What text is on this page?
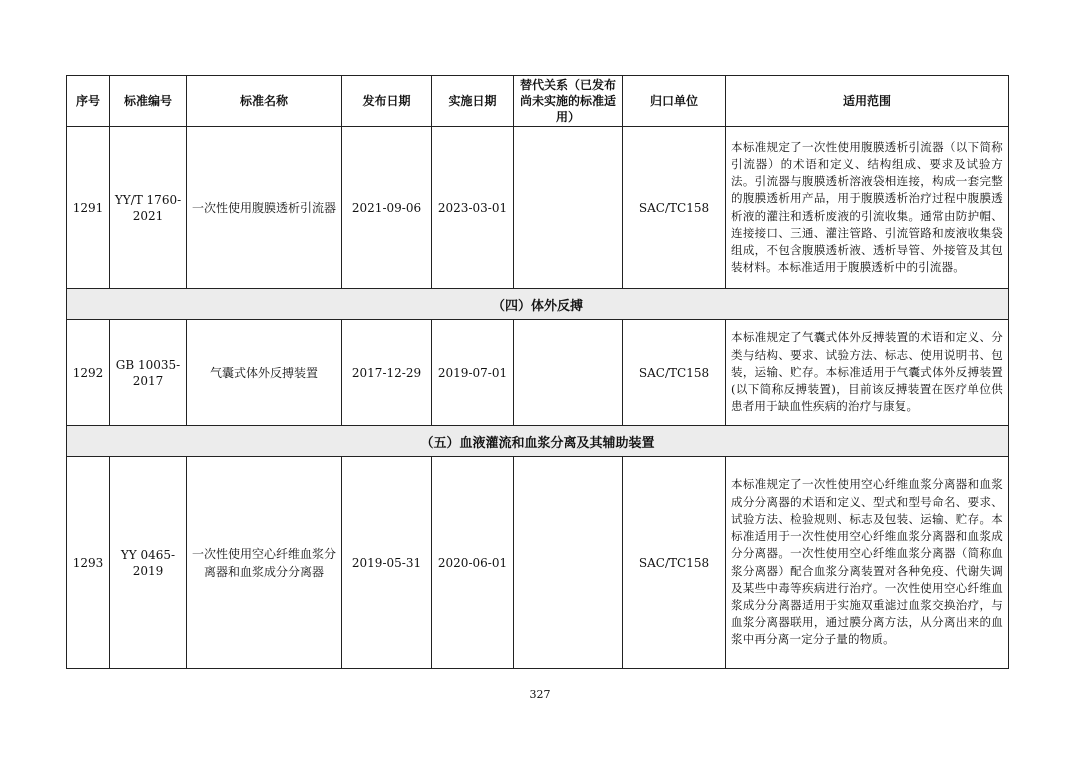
序号	标准编号	标准名称	发布日期	实施日期	替代关系（已发布尚未实施的标准适用）	归口单位	适用范围
1291	YY/T 1760-2021	一次性使用腹膜透析引流器	2021-09-06	2023-03-01		SAC/TC158	本标准规定了一次性使用腹膜透析引流器（以下简称引流器）的术语和定义、结构组成、要求及试验方法。引流器与腹膜透析溶液袋相连接，构成一套完整的腹膜透析用产品，用于腹膜透析治疗过程中腹膜透析液的灌注和透析废液的引流收集。通常由防护帽、连接接口、三通、灌注管路、引流管路和废液收集袋组成，不包含腹膜透析液、透析导管、外接管及其包装材料。本标准适用于腹膜透析中的引流器。
（四）体外反搏							
1292	GB 10035-2017	气囊式体外反搏装置	2017-12-29	2019-07-01		SAC/TC158	本标准规定了气囊式体外反搏装置的术语和定义、分类与结构、要求、试验方法、标志、使用说明书、包装，运输、贮存。本标准适用于气囊式体外反搏装置(以下简称反搏装置)，目前该反搏装置在医疗单位供患者用于缺血性疾病的治疗与康复。
（五）血液灌流和血浆分离及其辅助装置							
1293	YY 0465-2019	一次性使用空心纤维血浆分离器和血浆成分分离器	2019-05-31	2020-06-01		SAC/TC158	本标准规定了一次性使用空心纤维血浆分离器和血浆成分分离器的术语和定义、型式和型号命名、要求、试验方法、检验规则、标志及包装、运输、贮存。本标准适用于一次性使用空心纤维血浆分离器和血浆成分分离器。一次性使用空心纤维血浆分离器（简称血浆分离器）配合血浆分离装置对各种免疫、代谢失调及某些中毒等疾病进行治疗。一次性使用空心纤维血浆成分分离器适用于实施双重滤过血浆交换治疗，与血浆分离器联用，通过膜分离方法，从分离出来的血浆中再分离一定分子量的物质。
327
